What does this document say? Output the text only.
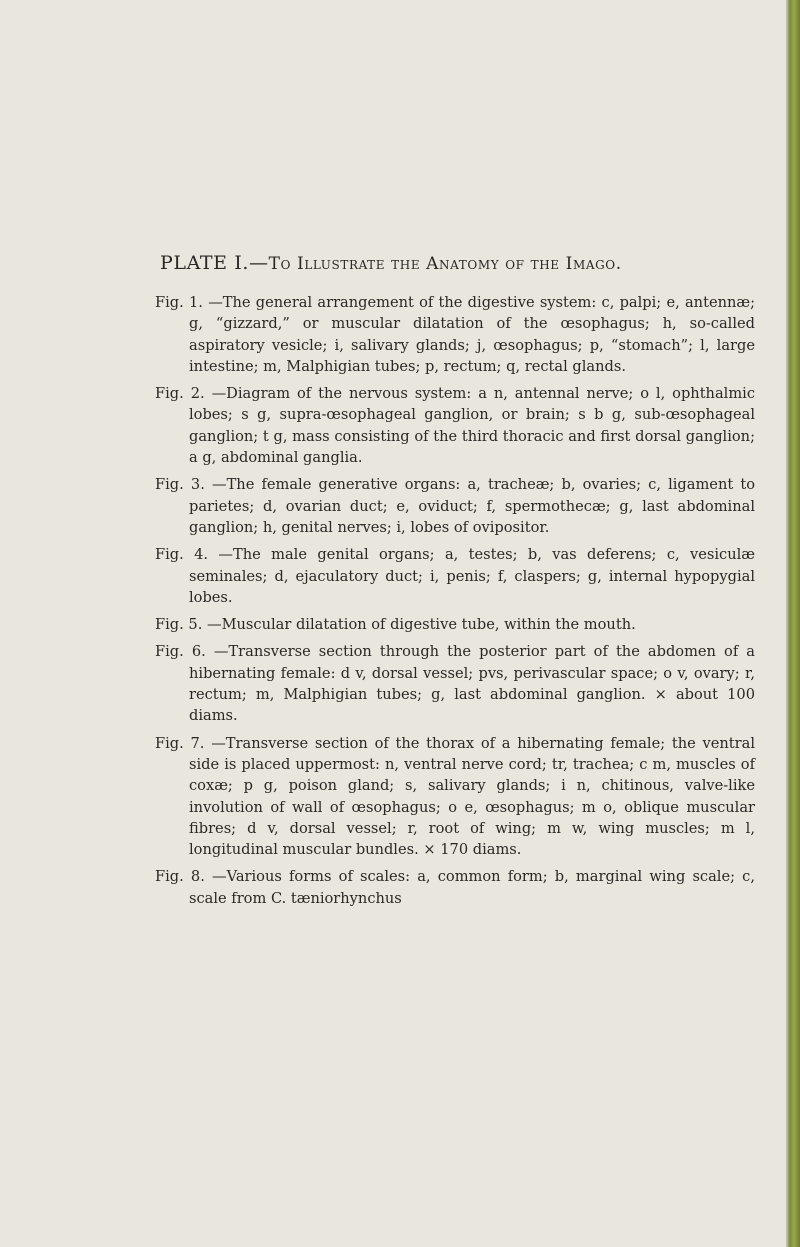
PLATE I.—To Illustrate the Anatomy of the Imago.
Fig. 1. —The general arrangement of the digestive system: c, palpi; e, antennæ; g, “gizzard,” or muscular dilatation of the œsophagus; h, so-called aspiratory vesicle; i, salivary glands; j, œsophagus; p, “stomach”; l, large intestine; m, Malphigian tubes; p, rectum; q, rectal glands.
Fig. 2. —Diagram of the nervous system: a n, antennal nerve; o l, ophthalmic lobes; s g, supra-œsophageal ganglion, or brain; s b g, sub-œsophageal ganglion; t g, mass consisting of the third thoracic and first dorsal ganglion; a g, abdominal ganglia.
Fig. 3. —The female generative organs: a, tracheæ; b, ovaries; c, ligament to parietes; d, ovarian duct; e, oviduct; f, spermothecæ; g, last abdominal ganglion; h, genital nerves; i, lobes of ovipositor.
Fig. 4. —The male genital organs; a, testes; b, vas deferens; c, vesiculæ seminales; d, ejaculatory duct; i, penis; f, claspers; g, internal hypopygial lobes.
Fig. 5. —Muscular dilatation of digestive tube, within the mouth.
Fig. 6. —Transverse section through the posterior part of the abdomen of a hibernating female: d v, dorsal vessel; pvs, perivascular space; o v, ovary; r, rectum; m, Malphigian tubes; g, last abdominal ganglion. × about 100 diams.
Fig. 7. —Transverse section of the thorax of a hibernating female; the ventral side is placed uppermost: n, ventral nerve cord; tr, trachea; c m, muscles of coxæ; p g, poison gland; s, salivary glands; i n, chitinous, valve-like involution of wall of œsophagus; o e, œsophagus; m o, oblique muscular fibres; d v, dorsal vessel; r, root of wing; m w, wing muscles; m l, longitudinal muscular bundles. × 170 diams.
Fig. 8. —Various forms of scales: a, common form; b, marginal wing scale; c, scale from C. tæniorhynchus
